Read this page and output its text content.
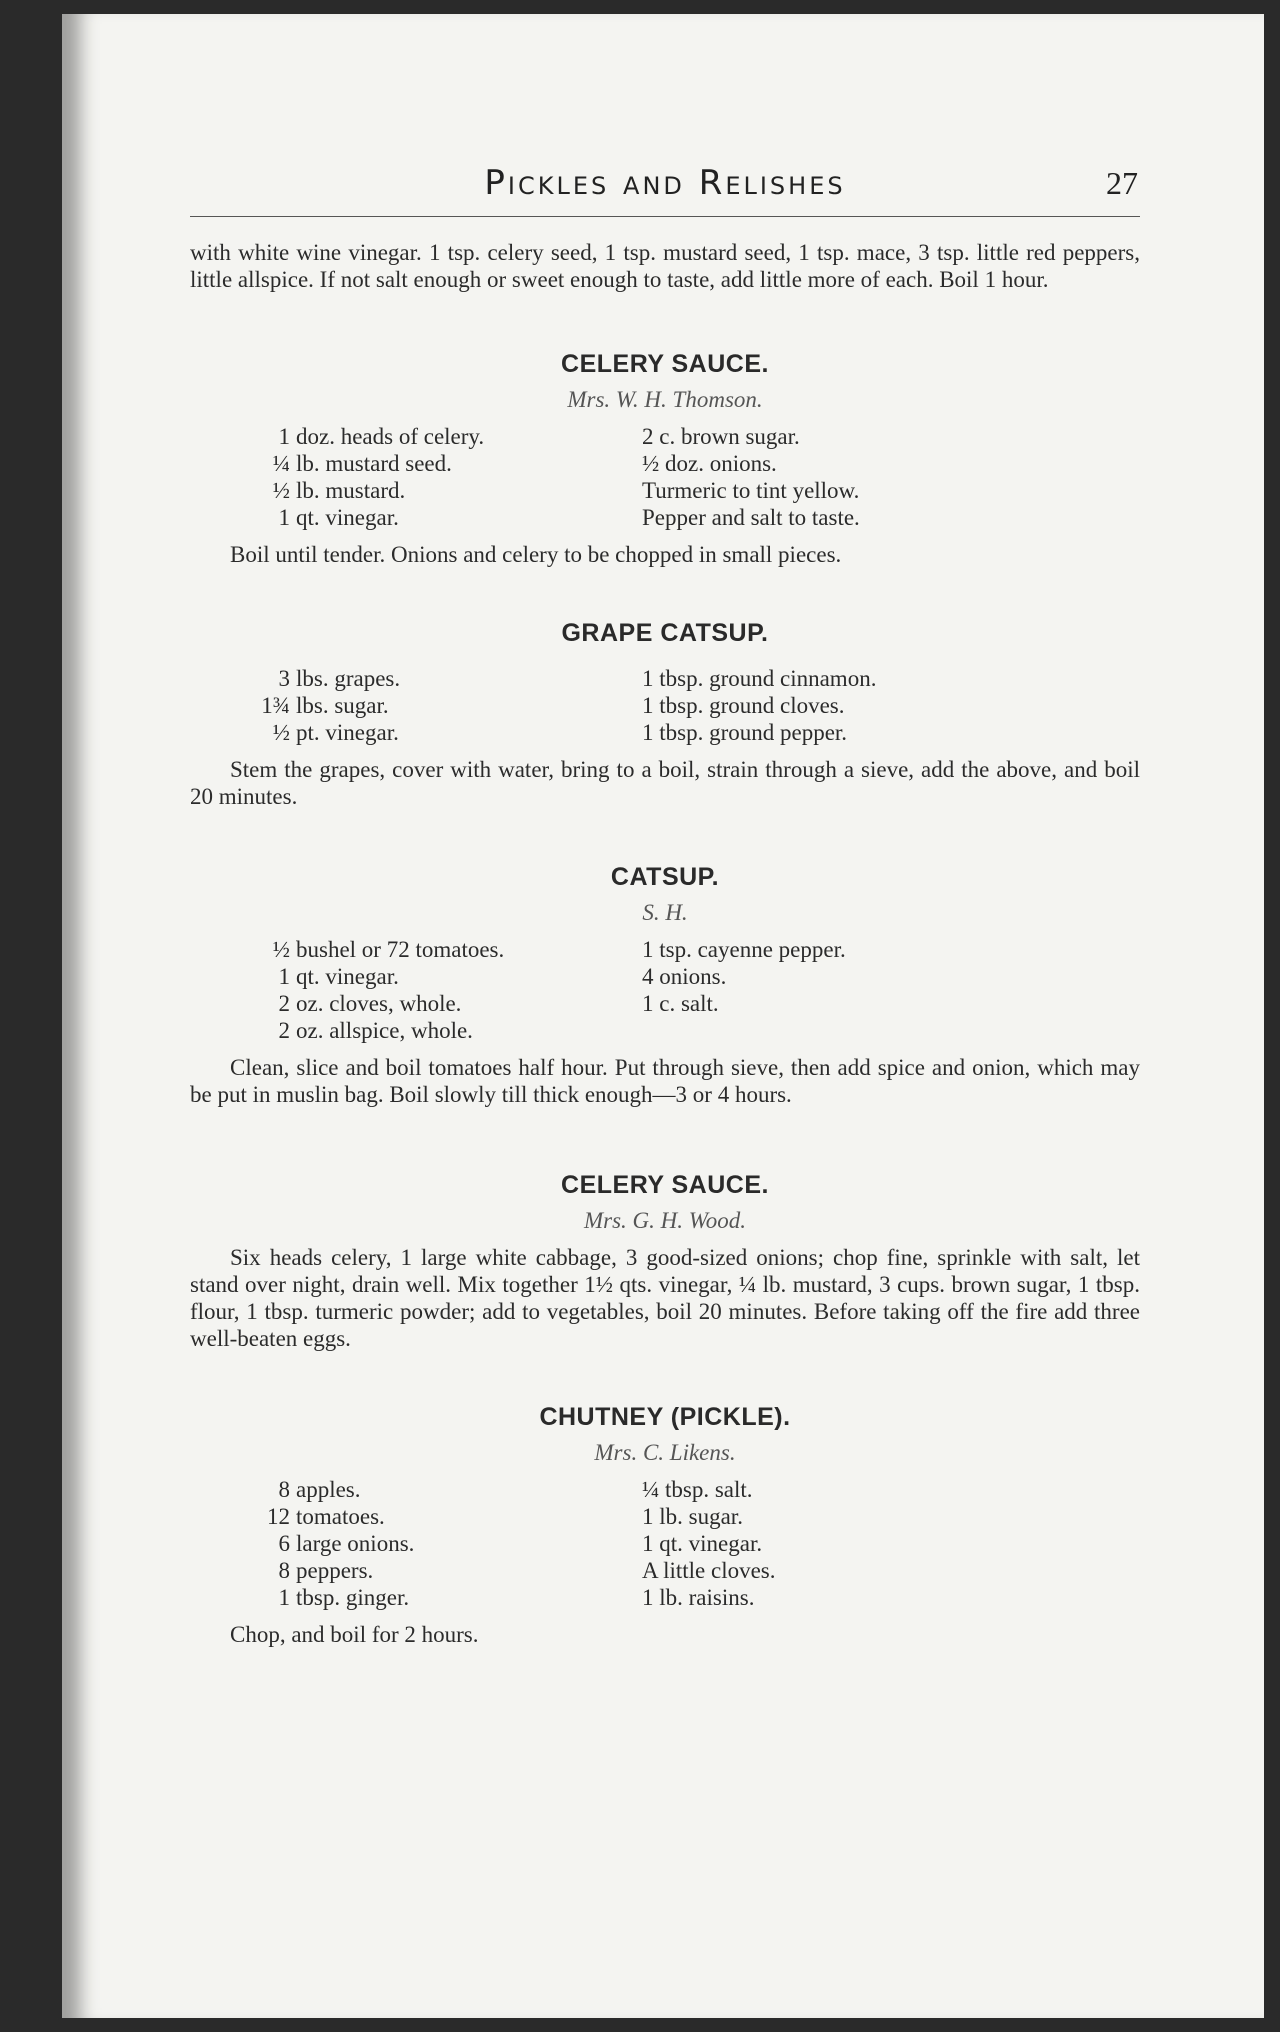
Pickles and Relishes	27

with white wine vinegar. 1 tsp. celery seed, 1 tsp. mustard seed, 1 tsp. mace, 3 tsp. little red peppers, little allspice. If not salt enough or sweet enough to taste, add little more of each. Boil 1 hour.

CELERY SAUCE.
Mrs. W. H. Thomson.
1 doz. heads of celery.
¼ lb. mustard seed.
½ lb. mustard.
1 qt. vinegar.
2 c. brown sugar.
½ doz. onions.
Turmeric to tint yellow.
Pepper and salt to taste.

Boil until tender. Onions and celery to be chopped in small pieces.

GRAPE CATSUP.
3 lbs. grapes.
1¾ lbs. sugar.
½ pt. vinegar.
1 tbsp. ground cinnamon.
1 tbsp. ground cloves.
1 tbsp. ground pepper.

Stem the grapes, cover with water, bring to a boil, strain through a sieve, add the above, and boil 20 minutes.

CATSUP.
S. H.
½ bushel or 72 tomatoes.
1 qt. vinegar.
2 oz. cloves, whole.
2 oz. allspice, whole.
1 tsp. cayenne pepper.
4 onions.
1 c. salt.

Clean, slice and boil tomatoes half hour. Put through sieve, then add spice and onion, which may be put in muslin bag. Boil slowly till thick enough—3 or 4 hours.

CELERY SAUCE.
Mrs. G. H. Wood.

Six heads celery, 1 large white cabbage, 3 good-sized onions; chop fine, sprinkle with salt, let stand over night, drain well. Mix together 1½ qts. vinegar, ¼ lb. mustard, 3 cups. brown sugar, 1 tbsp. flour, 1 tbsp. turmeric powder; add to vegetables, boil 20 minutes. Before taking off the fire add three well-beaten eggs.

CHUTNEY (PICKLE).
Mrs. C. Likens.
8 apples.
12 tomatoes.
6 large onions.
8 peppers.
1 tbsp. ginger.
¼ tbsp. salt.
1 lb. sugar.
1 qt. vinegar.
A little cloves.
1 lb. raisins.

Chop, and boil for 2 hours.
